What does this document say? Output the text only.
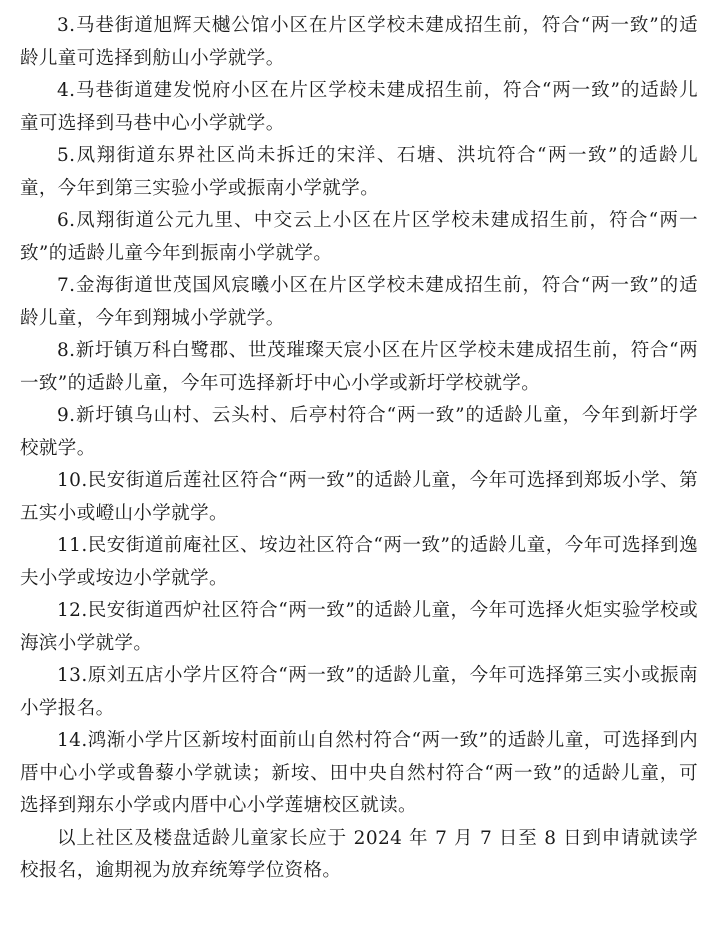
3.马巷街道旭辉天樾公馆小区在片区学校未建成招生前，符合“两一致”的适龄儿童可选择到舫山小学就学。

4.马巷街道建发悦府小区在片区学校未建成招生前，符合“两一致”的适龄儿童可选择到马巷中心小学就学。

5.凤翔街道东界社区尚未拆迁的宋洋、石塘、洪坑符合“两一致”的适龄儿童，今年到第三实验小学或振南小学就学。

6.凤翔街道公元九里、中交云上小区在片区学校未建成招生前，符合“两一致”的适龄儿童今年到振南小学就学。

7.金海街道世茂国风宸曦小区在片区学校未建成招生前，符合“两一致”的适龄儿童，今年到翔城小学就学。

8.新圩镇万科白鹭郡、世茂璀璨天宸小区在片区学校未建成招生前，符合“两一致”的适龄儿童，今年可选择新圩中心小学或新圩学校就学。

9.新圩镇乌山村、云头村、后亭村符合“两一致”的适龄儿童，今年到新圩学校就学。

10.民安街道后莲社区符合“两一致”的适龄儿童，今年可选择到郑坂小学、第五实小或嶝山小学就学。

11.民安街道前庵社区、垵边社区符合“两一致”的适龄儿童，今年可选择到逸夫小学或垵边小学就学。

12.民安街道西炉社区符合“两一致”的适龄儿童，今年可选择火炬实验学校或海滨小学就学。

13.原刘五店小学片区符合“两一致”的适龄儿童，今年可选择第三实小或振南小学报名。

14.鸿渐小学片区新垵村面前山自然村符合“两一致”的适龄儿童，可选择到内厝中心小学或鲁藜小学就读；新垵、田中央自然村符合“两一致”的适龄儿童，可选择到翔东小学或内厝中心小学莲塘校区就读。

以上社区及楼盘适龄儿童家长应于 2024 年 7 月 7 日至 8 日到申请就读学校报名，逾期视为放弃统筹学位资格。
